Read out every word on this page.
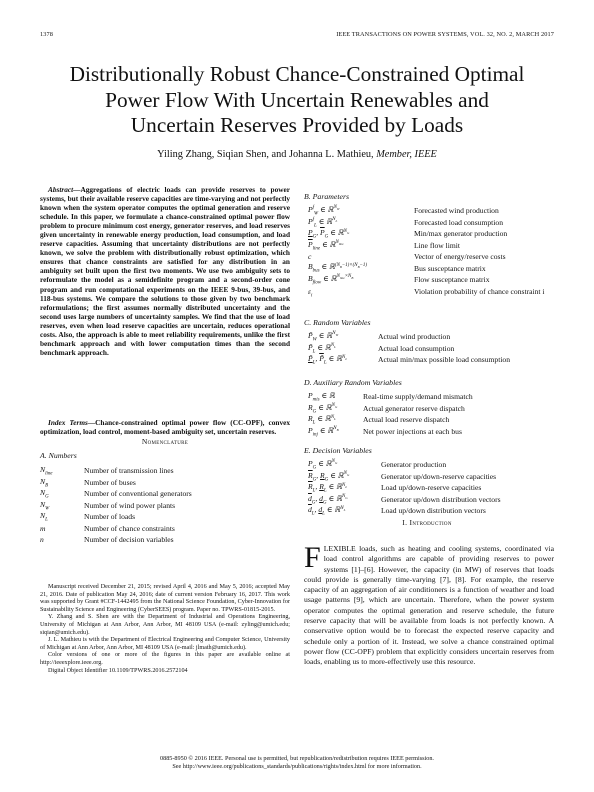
1378	IEEE TRANSACTIONS ON POWER SYSTEMS, VOL. 32, NO. 2, MARCH 2017
Distributionally Robust Chance-Constrained Optimal
Power Flow With Uncertain Renewables and
Uncertain Reserves Provided by Loads
Yiling Zhang, Siqian Shen, and Johanna L. Mathieu, Member, IEEE

Abstract—Aggregations of electric loads can provide reserves to power systems, but their available reserve capacities are time-varying and not perfectly known when the system operator computes the optimal generation and reserve schedule. In this paper, we formulate a chance-constrained optimal power flow problem to procure minimum cost energy, generator reserves, and load reserves given uncertainty in renewable energy production, load consumption, and load reserve capacities. Assuming that uncertainty distributions are not perfectly known, we solve the problem with distributionally robust optimization, which ensures that chance constraints are satisfied for any distribution in an ambiguity set built upon the first two moments. We use two ambiguity sets to reformulate the model as a semidefinite program and a second-order cone program and run computational experiments on the IEEE 9-bus, 39-bus, and 118-bus systems. We compare the solutions to those given by two benchmark reformulations; the first assumes normally distributed uncertainty and the second uses large numbers of uncertainty samples. We find that the use of load reserves, even when load reserve capacities are uncertain, reduces operational costs. Also, the approach is able to meet reliability requirements, unlike the first benchmark approach and with lower computation times than the second benchmark approach.

Index Terms—Chance-constrained optimal power flow (CC-OPF), convex optimization, load control, moment-based ambiguity set, uncertain reserves.

Nomenclature
A. Numbers
$N_{line}$	Number of transmission lines
$N_B$	Number of buses
$N_G$	Number of conventional generators
$N_W$	Number of wind power plants
$N_L$	Number of loads
m	Number of chance constraints
n	Number of decision variables

Manuscript received December 21, 2015; revised April 4, 2016 and May 5, 2016; accepted May 21, 2016. Date of publication May 24, 2016; date of current version February 16, 2017. This work was supported by Grant #CCF-1442495 from the National Science Foundation, Cyber-Innovation for Sustainability Science and Engineering (CyberSEES) program. Paper no. TPWRS-01815-2015.

Y. Zhang and S. Shen are with the Department of Industrial and Operations Engineering, University of Michigan at Ann Arbor, Ann Arbor, MI 48109 USA (e-mail: zyling@umich.edu; siqian@umich.edu).

J. L. Mathieu is with the Department of Electrical Engineering and Computer Science, University of Michigan at Ann Arbor, Ann Arbor, MI 48109 USA (e-mail: jlmath@umich.edu).

Color versions of one or more of the figures in this paper are available online at http://ieeexplore.ieee.org.

Digital Object Identifier 10.1109/TPWRS.2016.2572104

B. Parameters
$P^f_W$ ∈ ℝ$^{N_W}$	Forecasted wind production
$P^f_L$ ∈ ℝ$^{N_L}$	Forecasted load consumption
$P_G$, $\overline{P}_G$ ∈ ℝ$^{N_G}$	Min/max generator production
$\overline{P}_{line}$ ∈ ℝ$^{N_{line}}$	Line flow limit
c	Vector of energy/reserve costs
$B_{bus}$ ∈ ℝ$^{(N_B-1)\times(N_B-1)}$	Bus susceptance matrix
$B_{flow}$ ∈ ℝ$^{N_{line}\times N_B}$	Flow susceptance matrix
$\varepsilon_i$	Violation probability of chance constraint i
C. Random Variables
$P̃_W$ ∈ ℝ$^{N_W}$	Actual wind production
$P̃_L$ ∈ ℝ$^{N_L}$	Actual load consumption
$P̃_L$, $P̃_L$ ∈ ℝ$^{N_L}$	Actual min/max possible load consumption
D. Auxiliary Random Variables
$P_{mis}$ ∈ ℝ	Real-time supply/demand mismatch
$R_G$ ∈ ℝ$^{N_G}$	Actual generator reserve dispatch
$R_L$ ∈ ℝ$^{N_L}$	Actual load reserve dispatch
$P_{inj}$ ∈ ℝ$^{N_B}$	Net power injections at each bus
E. Decision Variables
$P_G$ ∈ ℝ$^{N_G}$	Generator production
$\overline{R}_G$, $R_G$ ∈ ℝ$^{N_G}$	Generator up/down-reserve capacities
$\overline{R}_L$, $R_L$ ∈ ℝ$^{N_L}$	Load up/down-reserve capacities
$\overline{d}_G$, $d_G$ ∈ ℝ$^{N_G}$	Generator up/down distribution vectors
$\overline{d}_L$, $d_L$ ∈ ℝ$^{N_L}$	Load up/down distribution vectors
I. Introduction
FLEXIBLE loads, such as heating and cooling systems, coordinated via load control algorithms are capable of providing reserves to power systems [1]–[6]. However, the capacity (in MW) of reserves that loads could provide is generally time-varying [7], [8]. For example, the reserve capacity of an aggregation of air conditioners is a function of weather and load usage patterns [9], which are uncertain. Therefore, when the power system operator computes the optimal generation and reserve schedule, the future reserve capacity that will be available from loads is not perfectly known. A conservative option would be to forecast the expected reserve capacity and schedule only a portion of it. Instead, we solve a chance constrained optimal power flow (CC-OPF) problem that explicitly considers uncertain reserves from loads, enabling us to more-effectively use this resource.
0885-8950 © 2016 IEEE. Personal use is permitted, but republication/redistribution requires IEEE permission.
See http://www.ieee.org/publications_standards/publications/rights/index.html for more information.
